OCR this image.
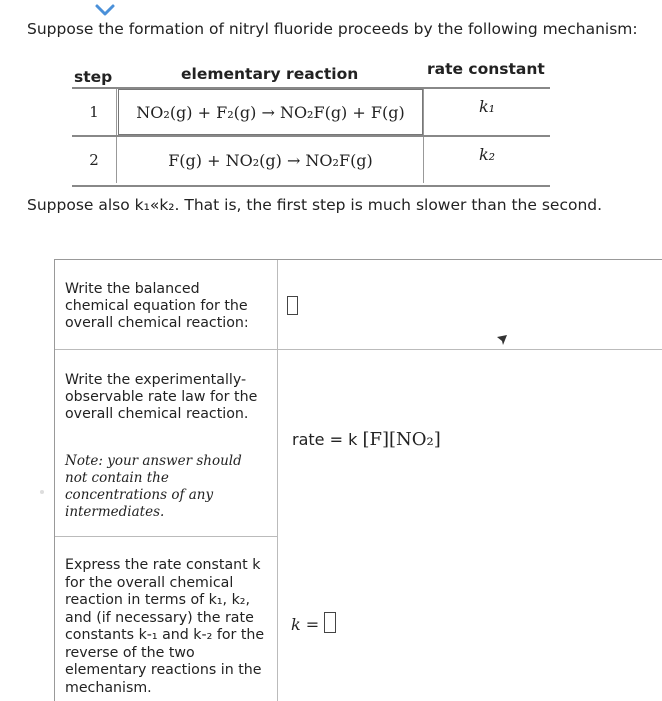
Suppose the formation of nitryl fluoride proceeds by the following mechanism:
step	elementary reaction	rate constant
1	NO₂(g) + F₂(g) → NO₂F(g) + F(g)	k₁
2	F(g) + NO₂(g) → NO₂F(g)	k₂
Suppose also k₁«k₂. That is, the first step is much slower than the second.
Write the balanced chemical equation for the overall chemical reaction:
Write the experimentally-observable rate law for the overall chemical reaction.
Note: your answer should not contain the concentrations of any intermediates.
rate = k [F][NO₂]
Express the rate constant k for the overall chemical reaction in terms of k₁, k₂, and (if necessary) the rate constants k-₁ and k-₂ for the reverse of the two elementary reactions in the mechanism.
k =
